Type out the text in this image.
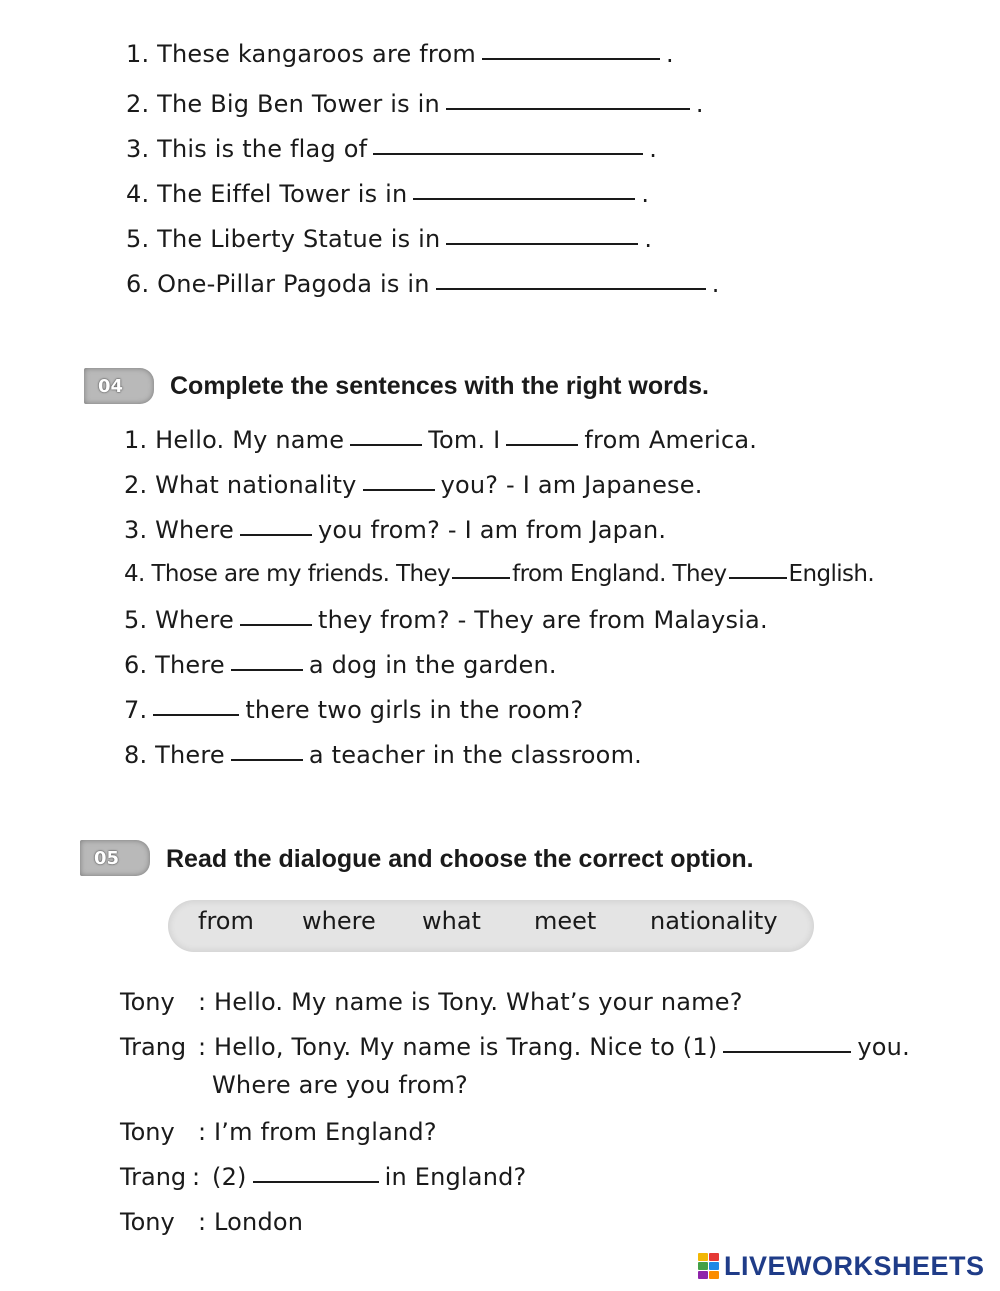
1. These kangaroos are from	.
2. The Big Ben Tower is in	.
3. This is the flag of	.
4. The Eiffel Tower is in	.
5. The Liberty Statue is in	.
6. One-Pillar Pagoda is in	.
04	Complete the sentences with the right words.
1. Hello. My name	Tom. I	from America.
2. What nationality	you? - I am Japanese.
3. Where	you from? - I am from Japan.
4. Those are my friends. They	from England. They	English.
5. Where	they from? - They are from Malaysia.
6. There	a dog in the garden.
7.	there two girls in the room?
8. There	a teacher in the classroom.
05	Read the dialogue and choose the correct option.
from where what meet nationality
Tony : Hello. My name is Tony. What’s your name?
Trang : Hello, Tony. My name is Trang. Nice to (1)	you.
Where are you from?
Tony : I’m from England?
Trang : (2)	in England?
Tony : London
LIVEWORKSHEETS
